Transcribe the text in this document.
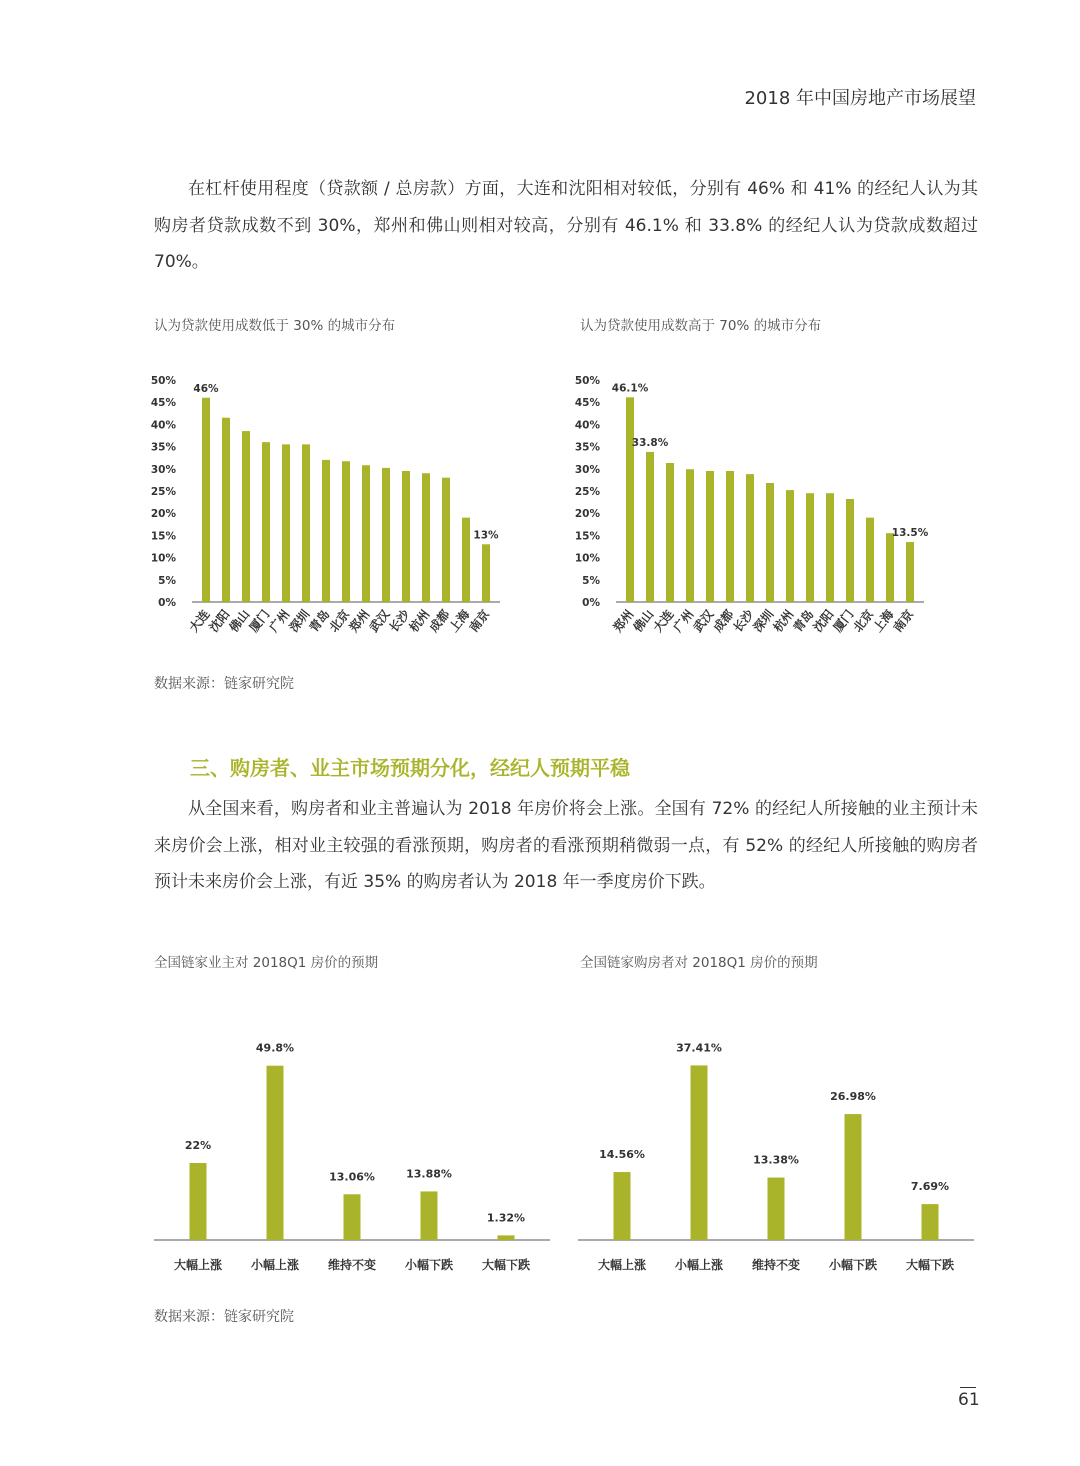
2018 年中国房地产市场展望

在杠杆使用程度（贷款额 / 总房款）方面，大连和沈阳相对较低，分别有 46% 和 41% 的经纪人认为其购房者贷款成数不到 30%，郑州和佛山则相对较高，分别有 46.1% 和 33.8% 的经纪人认为贷款成数超过 70%。

认为贷款使用成数低于 30% 的城市分布
0%
5%
10%
15%
20%
25%
30%
35%
40%
45%
50%
大连
46%
沈阳
佛山
厦门
广州
深圳
青岛
北京
郑州
武汉
长沙
杭州
成都
上海
南京
13%
认为贷款使用成数高于 70% 的城市分布
0%
5%
10%
15%
20%
25%
30%
35%
40%
45%
50%
郑州
46.1%
佛山
33.8%
大连
广州
武汉
成都
长沙
深圳
杭州
青岛
沈阳
厦门
北京
上海
南京
13.5%
数据来源：链家研究院
三、购房者、业主市场预期分化，经纪人预期平稳

从全国来看，购房者和业主普遍认为 2018 年房价将会上涨。全国有 72% 的经纪人所接触的业主预计未来房价会上涨，相对业主较强的看涨预期，购房者的看涨预期稍微弱一点，有 52% 的经纪人所接触的购房者预计未来房价会上涨，有近 35% 的购房者认为 2018 年一季度房价下跌。

全国链家业主对 2018Q1 房价的预期
大幅上涨
22%
小幅上涨
49.8%
维持不变
13.06%
小幅下跌
13.88%
大幅下跌
1.32%
全国链家购房者对 2018Q1 房价的预期
大幅上涨
14.56%
小幅上涨
37.41%
维持不变
13.38%
小幅下跌
26.98%
大幅下跌
7.69%
数据来源：链家研究院
61
